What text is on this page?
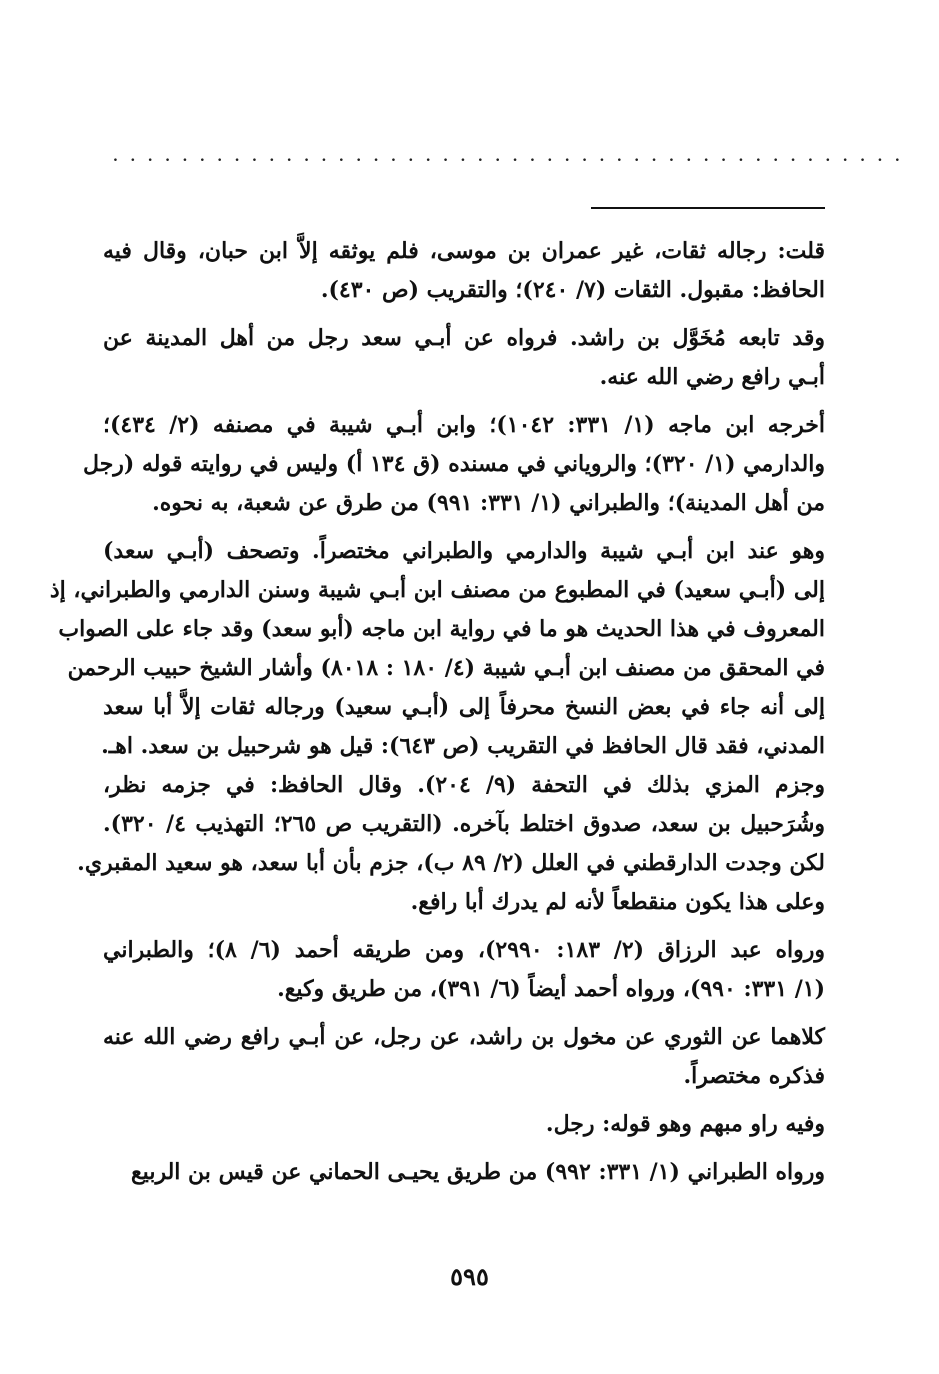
..............................................
قلت: رجاله ثقات، غير عمران بن موسى، فلم يوثقه إلاَّ ابن حبان، وقال فيه
الحافظ: مقبول. الثقات (٧/ ٢٤٠)؛ والتقريب (ص ٤٣٠).
وقد تابعه مُخَوَّل بن راشد. فرواه عن أبـي سعد رجل من أهل المدينة عن
أبـي رافع رضي الله عنه.
أخرجه ابن ماجه (١/ ٣٣١: ١٠٤٢)؛ وابن أبـي شيبة في مصنفه (٢/ ٤٣٤)؛
والدارمي (١/ ٣٢٠)؛ والروياني في مسنده (ق ١٣٤ أ) وليس في روايته قوله (رجل
من أهل المدينة)؛ والطبراني (١/ ٣٣١: ٩٩١) من طرق عن شعبة، به نحوه.
وهو عند ابن أبـي شيبة والدارمي والطبراني مختصراً. وتصحف (أبـي سعد)
إلى (أبـي سعيد) في المطبوع من مصنف ابن أبـي شيبة وسنن الدارمي والطبراني، إذ
المعروف في هذا الحديث هو ما في رواية ابن ماجه (أبو سعد) وقد جاء على الصواب
في المحقق من مصنف ابن أبـي شيبة (٤/ ١٨٠ : ٨٠١٨) وأشار الشيخ حبيب الرحمن
إلى أنه جاء في بعض النسخ محرفاً إلى (أبـي سعيد) ورجاله ثقات إلاَّ أبا سعد
المدني، فقد قال الحافظ في التقريب (ص ٦٤٣): قيل هو شرحبيل بن سعد. اهـ.
وجزم المزي بذلك في التحفة (٩/ ٢٠٤). وقال الحافظ: في جزمه نظر،
وشُرَحبيل بن سعد، صدوق اختلط بآخره. (التقريب ص ٢٦٥؛ التهذيب ٤/ ٣٢٠).
لكن وجدت الدارقطني في العلل (٢/ ٨٩ ب)، جزم بأن أبا سعد، هو سعيد المقبري.
وعلى هذا يكون منقطعاً لأنه لم يدرك أبا رافع.
ورواه عبد الرزاق (٢/ ١٨٣: ٢٩٩٠)، ومن طريقه أحمد (٦/ ٨)؛ والطبراني
(١/ ٣٣١: ٩٩٠)، ورواه أحمد أيضاً (٦/ ٣٩١)، من طريق وكيع.
كلاهما عن الثوري عن مخول بن راشد، عن رجل، عن أبـي رافع رضي الله عنه
فذكره مختصراً.
وفيه راو مبهم وهو قوله: رجل.
ورواه الطبراني (١/ ٣٣١: ٩٩٢) من طريق يحيـى الحماني عن قيس بن الربيع
٥٩٥
